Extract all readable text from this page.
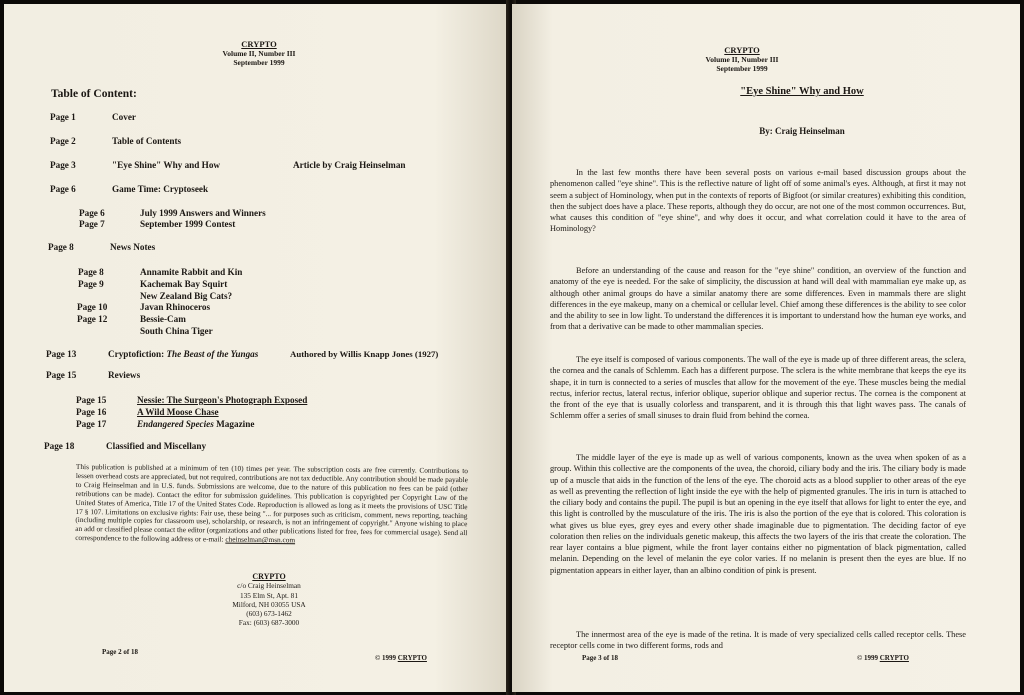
CRYPTO
Volume II, Number III
September 1999
Table of Content:
Page 1	Cover
Page 2	Table of Contents
Page 3	"Eye Shine" Why and How	Article by Craig Heinselman
Page 6	Game Time: Cryptoseek
Page 6	July 1999 Answers and Winners
Page 7	September 1999 Contest
Page 8	News Notes
Page 8	Annamite Rabbit and Kin
Page 9	Kachemak Bay Squirt
New Zealand Big Cats?
Page 10	Javan Rhinoceros
Page 12	Bessie-Cam
South China Tiger
Page 13	Cryptofiction: The Beast of the Yungas	Authored by Willis Knapp Jones (1927)
Page 15	Reviews
Page 15	Nessie: The Surgeon's Photograph Exposed
Page 16	A Wild Moose Chase
Page 17	Endangered Species Magazine
Page 18	Classified and Miscellany
This publication is published at a minimum of ten (10) times per year. The subscription costs are free currently. Contributions to lessen overhead costs are appreciated, but not required, contributions are not tax deductible. Any contribution should be made payable to Craig Heinselman and in U.S. funds. Submissions are welcome, due to the nature of this publication no fees can be paid (other retributions can be made). Contact the editor for submission guidelines. This publication is copyrighted per Copyright Law of the United States of America, Title 17 of the United States Code. Reproduction is allowed as long as it meets the provisions of USC Title 17 § 107. Limitations on exclusive rights: Fair use, these being "... for purposes such as criticism, comment, news reporting, teaching (including multiple copies for classroom use), scholarship, or research, is not an infringement of copyright." Anyone wishing to place an add or classified please contact the editor (organizations and other publications listed for free, fees for commercial usage). Send all correspondence to the following address or e-mail: cheinselman@msn.com
CRYPTO
c/o Craig Heinselman
135 Elm St, Apt. 81
Milford, NH 03055 USA
(603) 673-1462
Fax: (603) 687-3000
Page 2 of 18
© 1999 CRYPTO
CRYPTO
Volume II, Number III
September 1999
"Eye Shine" Why and How
By: Craig Heinselman
In the last few months there have been several posts on various e-mail based discussion groups about the phenomenon called "eye shine". This is the reflective nature of light off of some animal's eyes. Although, at first it may not seem a subject of Hominology, when put in the contexts of reports of Bigfoot (or similar creatures) exhibiting this condition, then the subject does have a place. These reports, although they do occur, are not one of the most common occurrences. But, what causes this condition of "eye shine", and why does it occur, and what correlation could it have to the area of Hominology?
Before an understanding of the cause and reason for the "eye shine" condition, an overview of the function and anatomy of the eye is needed. For the sake of simplicity, the discussion at hand will deal with mammalian eye make up, as although other animal groups do have a similar anatomy there are some differences. Even in mammals there are slight differences in the eye makeup, many on a chemical or cellular level. Chief among these differences is the ability to see color and the ability to see in low light. To understand the differences it is important to understand how the human eye works, and from that a derivative can be made to other mammalian species.
The eye itself is composed of various components. The wall of the eye is made up of three different areas, the sclera, the cornea and the canals of Schlemm. Each has a different purpose. The sclera is the white membrane that keeps the eye its shape, it in turn is connected to a series of muscles that allow for the movement of the eye. These muscles being the medial rectus, inferior rectus, lateral rectus, inferior oblique, superior oblique and superior rectus. The cornea is the component at the front of the eye that is usually colorless and transparent, and it is through this that light waves pass. The canals of Schlemm offer a series of small sinuses to drain fluid from behind the cornea.
The middle layer of the eye is made up as well of various components, known as the uvea when spoken of as a group. Within this collective are the components of the uvea, the choroid, ciliary body and the iris. The ciliary body is made up of a muscle that aids in the function of the lens of the eye. The choroid acts as a blood supplier to other areas of the eye as well as preventing the reflection of light inside the eye with the help of pigmented granules. The iris in turn is attached to the ciliary body and contains the pupil. The pupil is but an opening in the eye itself that allows for light to enter the eye, and this light is controlled by the musculature of the iris. The iris is also the portion of the eye that is colored. This coloration is what gives us blue eyes, grey eyes and every other shade imaginable due to pigmentation. The deciding factor of eye coloration then relies on the individuals genetic makeup, this affects the two layers of the iris that create the coloration. The rear layer contains a blue pigment, while the front layer contains either no pigmentation of black pigmentation, called melanin. Depending on the level of melanin the eye color varies. If no melanin is present then the eyes are blue. If no pigmentation appears in either layer, than an albino condition of pink is present.
The innermost area of the eye is made of the retina. It is made of very specialized cells called receptor cells. These receptor cells come in two different forms, rods and
Page 3 of 18	© 1999 CRYPTO
